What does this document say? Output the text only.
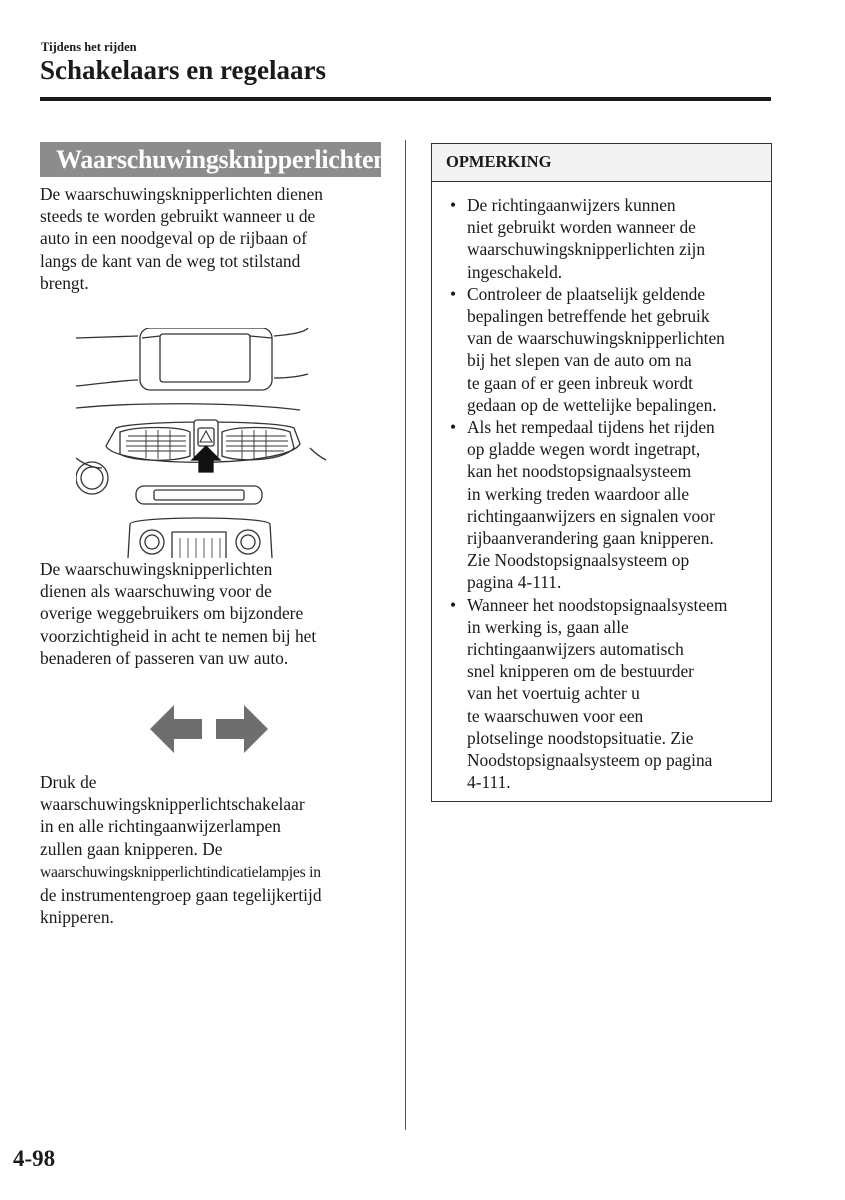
Tijdens het rijden
Schakelaars en regelaars
Waarschuwingsknipperlichten

De waarschuwingsknipperlichten dienen
steeds te worden gebruikt wanneer u de
auto in een noodgeval op de rijbaan of
langs de kant van de weg tot stilstand
brengt.

De waarschuwingsknipperlichten
dienen als waarschuwing voor de
overige weggebruikers om bijzondere
voorzichtigheid in acht te nemen bij het
benaderen of passeren van uw auto.

Druk de
waarschuwingsknipperlichtschakelaar
in en alle richtingaanwijzerlampen
zullen gaan knipperen. De
waarschuwingsknipperlichtindicatielampjes in
de instrumentengroep gaan tegelijkertijd
knipperen.

OPMERKING
• De richtingaanwijzers kunnen
niet gebruikt worden wanneer de
waarschuwingsknipperlichten zijn
ingeschakeld.
• Controleer de plaatselijk geldende
bepalingen betreffende het gebruik
van de waarschuwingsknipperlichten
bij het slepen van de auto om na
te gaan of er geen inbreuk wordt
gedaan op de wettelijke bepalingen.
• Als het rempedaal tijdens het rijden
op gladde wegen wordt ingetrapt,
kan het noodstopsignaalsysteem
in werking treden waardoor alle
richtingaanwijzers en signalen voor
rijbaanverandering gaan knipperen.
Zie Noodstopsignaalsysteem op
pagina 4-111.
• Wanneer het noodstopsignaalsysteem
in werking is, gaan alle
richtingaanwijzers automatisch
snel knipperen om de bestuurder
van het voertuig achter u
te waarschuwen voor een
plotselinge noodstopsituatie. Zie
Noodstopsignaalsysteem op pagina
4-111.
4-98
